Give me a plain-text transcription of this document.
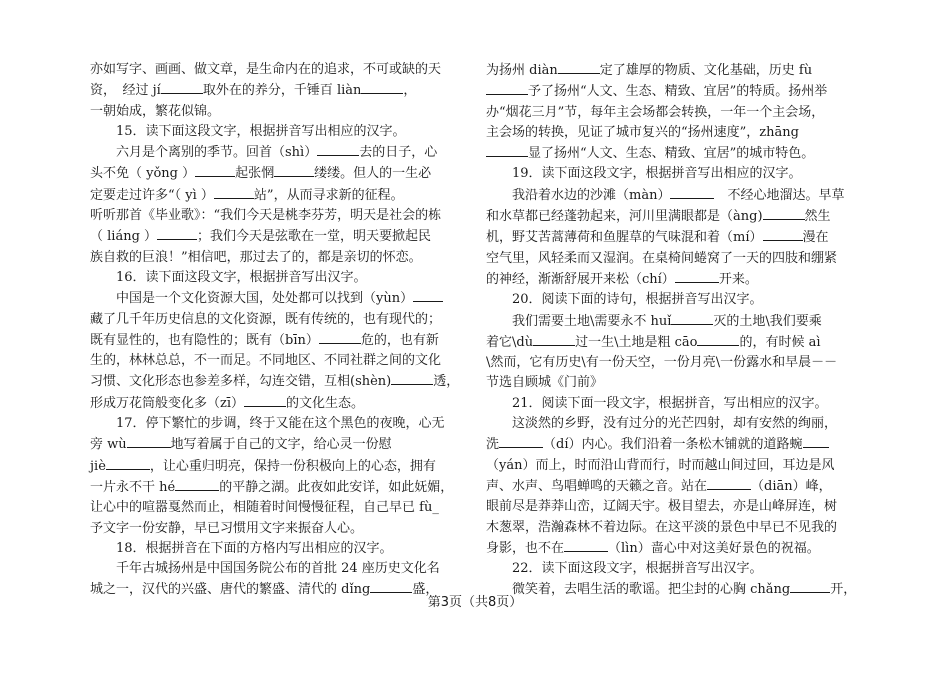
亦如写字、画画、做文章，是生命内在的追求，不可或缺的天

资，　经过 jí	取外在的养分，千锤百 liàn	，

一朝始成，繁花似锦。

　　15．读下面这段文字，根据拼音写出相应的汉字。

　　六月是个离别的季节。回首（shì）	去的日子，心

头不免（ yǒng ）	起张惘	缕缕。但人的一生必

定要走过许多“（ yì ）	站”，从而寻求新的征程。

听听那首《毕业歌》：“我们今天是桃李芬芳，明天是社会的栋

（ liáng ）	；我们今天是弦歌在一堂，明天要掀起民

族自救的巨浪！”相信吧，那过去了的，都是亲切的怀恋。

　　16．读下面这段文字，根据拼音写出汉字。

　　中国是一个文化资源大国，处处都可以找到（yùn）

藏了几千年历史信息的文化资源，既有传统的，也有现代的；

既有显性的，也有隐性的；既有（bīn）	危的，也有新

生的，林林总总，不一而足。不同地区、不同社群之间的文化

习惯、文化形态也参差多样，勾连交错，互相(shèn)	透，

形成万花筒般变化多（zī）	的文化生态。

　　17．停下繁忙的步调，终于又能在这个黑色的夜晚，心无

旁 wù	地写着属于自己的文字，给心灵一份慰

jiè	，让心重归明亮，保持一份积极向上的心态，拥有

一片永不干 hé	的平静之湖。此夜如此安详，如此妩媚，

让心中的喧嚣戛然而止，相随着时间慢慢征程，自己早已 fù_

予文字一份安静，早已习惯用文字来振奋人心。

　　18．根据拼音在下面的方格内写出相应的汉字。

　　千年古城扬州是中国国务院公布的首批 24 座历史文化名

城之一，汉代的兴盛、唐代的繁盛、清代的 dǐng	盛，

为扬州 diàn	定了雄厚的物质、文化基础，历史 fù

予了扬州“人文、生态、精致、宜居”的特质。扬州举

办“烟花三月”节，每年主会场都会转换，一年一个主会场，

主会场的转换，见证了城市复兴的“扬州速度”，zhāng

显了扬州“人文、生态、精致、宜居”的城市特色。

　　19．读下面这段文字，根据拼音写出相应的汉字。

　　我沿着水边的沙滩（màn）	　不经心地溜达。早草

和水草都已经蓬勃起来，河川里满眼都是（àng)	然生

机，野艾苦蒿薄荷和鱼腥草的气味混和着（mí）	漫在

空气里，风轻柔而又湿润。在桌椅间蜷窝了一天的四肢和绷紧

的神经，渐渐舒展开来松（chí）	开来。

　　20．阅读下面的诗句，根据拼音写出汉字。

　　我们需要土地\需要永不 huǐ	灭的土地\我们要乘

着它\dù	过一生\土地是粗 cāo	的，有时候 aì

\然而，它有历史\有一份天空，一份月亮\一份露水和早晨－－

节选自顾城《门前》

　　21．阅读下面一段文字，根据拼音，写出相应的汉字。

　　这淡然的乡野，没有过分的光芒四射，却有安然的绚丽，

洗	（dí）内心。我们沿着一条松木铺就的道路蜿

（yán）而上，时而沿山背而行，时而越山间过回，耳边是风

声、水声、鸟唱蝉鸣的天籁之音。站在	（diān）峰，

眼前尽是莽莽山峦，辽阔天宇。极目望去，亦是山峰屏连，树

木葱翠，浩瀚森林不着边际。在这平淡的景色中早已不见我的

身影，也不在	（lìn）啬心中对这美好景色的祝福。

　　22．读下面这段文字，根据拼音写出汉字。

　　微笑着，去唱生活的歌谣。把尘封的心胸 chǎng	开，

第3页（共8页）
